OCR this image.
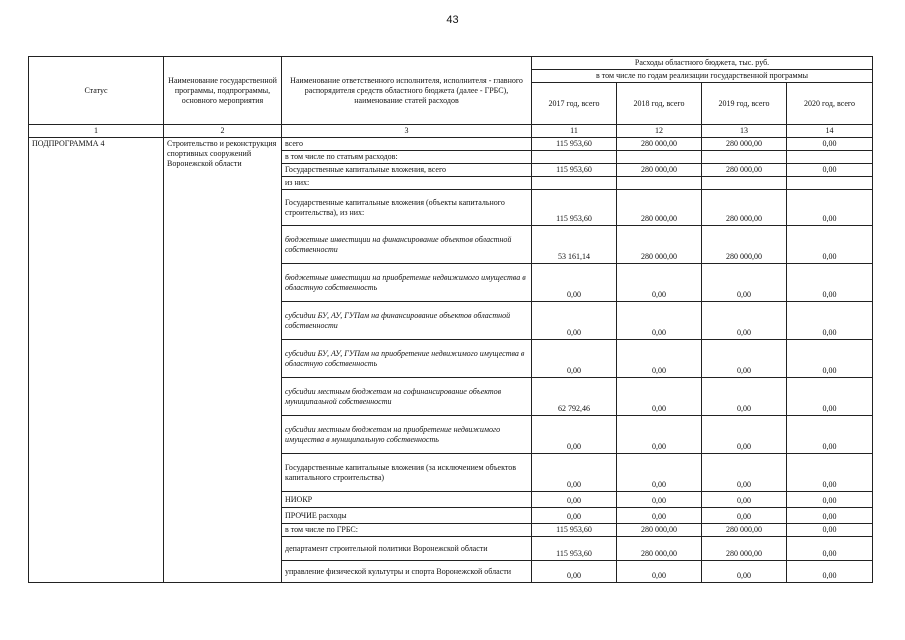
43
Статус	Наименование государственной программы, подпрограммы, основного мероприятия	Наименование ответственного исполнителя, исполнителя - главного распорядителя средств областного бюджета (далее - ГРБС), наименование статей расходов	Расходы областного бюджета, тыс. руб.			
			в том числе по годам реализации государственной программы			
			2017 год, всего	2018 год, всего	2019 год, всего	2020 год, всего
1	2	3	11	12	13	14
ПОДПРОГРАММА 4	Строительство и реконструкция спортивных сооружений Воронежской области	всего	115 953,60	280 000,00	280 000,00	0,00
		в том числе по статьям расходов:				
		Государственные капитальные вложения, всего	115 953,60	280 000,00	280 000,00	0,00
		из них:				
		Государственные капитальные вложения (объекты капитального строительства), из них:	115 953,60	280 000,00	280 000,00	0,00
		бюджетные инвестиции на финансирование объектов областной собственности	53 161,14	280 000,00	280 000,00	0,00
		бюджетные инвестиции на приобретение недвижимого имущества в областную собственность	0,00	0,00	0,00	0,00
		субсидии БУ, АУ, ГУПам на финансирование объектов областной собственности	0,00	0,00	0,00	0,00
		субсидии БУ, АУ, ГУПам на приобретение недвижимого имущества в областную собственность	0,00	0,00	0,00	0,00
		субсидии местным бюджетам на софинансирование объектов муниципальной собственности	62 792,46	0,00	0,00	0,00
		субсидии местным бюджетам на приобретение недвижимого имущества в муниципальную собственность	0,00	0,00	0,00	0,00
		Государственные капитальные вложения (за исключением объектов капитального строительства)	0,00	0,00	0,00	0,00
		НИОКР	0,00	0,00	0,00	0,00
		ПРОЧИЕ расходы	0,00	0,00	0,00	0,00
		в том числе по ГРБС:	115 953,60	280 000,00	280 000,00	0,00
		департамент строительной политики Воронежской области	115 953,60	280 000,00	280 000,00	0,00
		управление физической культутры и спорта Воронежской области	0,00	0,00	0,00	0,00
